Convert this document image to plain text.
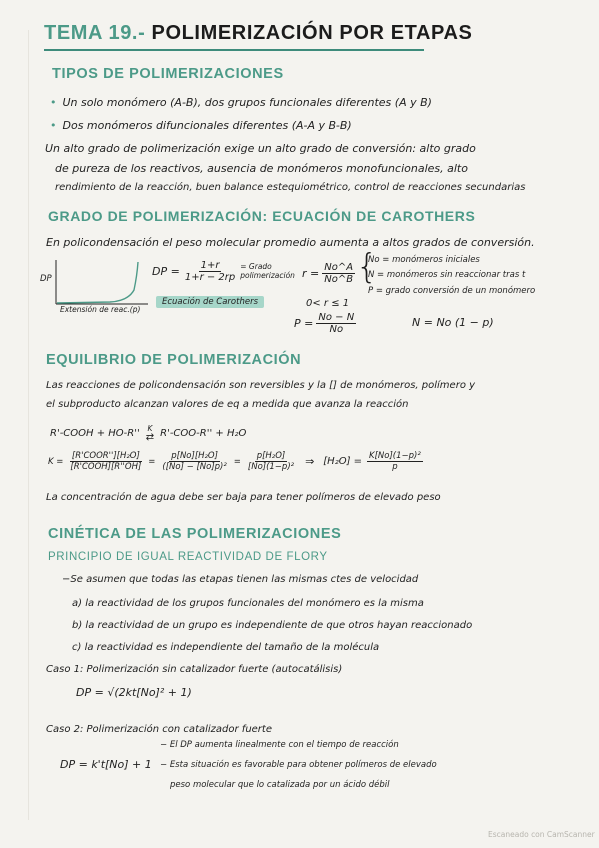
TEMA 19.- POLIMERIZACIÓN POR ETAPAS
TIPOS DE POLIMERIZACIONES
• Un solo monómero (A-B), dos grupos funcionales diferentes (A y B)
• Dos monómeros difuncionales diferentes (A-A y B-B)
Un alto grado de polimerización exige un alto grado de conversión: alto grado
de pureza de los reactivos, ausencia de monómeros monofuncionales, alto
rendimiento de la reacción, buen balance estequiométrico, control de reacciones secundarias
GRADO DE POLIMERIZACIÓN: ECUACIÓN DE CAROTHERS
En policondensación el peso molecular promedio aumenta a altos grados de conversión.
DP
Extensión de reac.(p)
DP = $\frac{1+r}{1+r - 2rp}$ = Grado
polimerización
Ecuación de Carothers
$r = \frac{No\^{}A}{No\^{}B}$
0< r ≤ 1
{
No = monómeros iniciales
N = monómeros sin reaccionar tras t
P = grado conversión de un monómero
$P = \frac{No - N}{No}$	N = No (1 − p)
EQUILIBRIO DE POLIMERIZACIÓN
Las reacciones de policondensación son reversibles y la [] de monómeros, polímero y
el subproducto alcanzan valores de eq a medida que avanza la reacción
R'-COOH + HO-R'' K
⇄ R'-COO-R'' + H₂O
$K = \frac{\text{[R'COOR''][H₂O]}}{\text{[R'COOH][R''OH]}} = \frac{\text{p[No][H₂O]}}{\text{([No] − [No]p)²}} = \frac{\text{p[H₂O]}}{\text{[No](1−p)²}}$ ⇒ $[H_2O] = \frac{\text{K[No](1−p)²}}{p}$
La concentración de agua debe ser baja para tener polímeros de elevado peso
CINÉTICA DE LAS POLIMERIZACIONES
PRINCIPIO DE IGUAL REACTIVIDAD DE FLORY
−Se asumen que todas las etapas tienen las mismas ctes de velocidad
a) la reactividad de los grupos funcionales del monómero es la misma
b) la reactividad de un grupo es independiente de que otros hayan reaccionado
c) la reactividad es independiente del tamaño de la molécula
Caso 1: Polimerización sin catalizador fuerte (autocatálisis)
DP = √(2kt[No]² + 1)
Caso 2: Polimerización con catalizador fuerte
DP = k't[No] + 1
− El DP aumenta linealmente con el tiempo de reacción
− Esta situación es favorable para obtener polímeros de elevado
peso molecular que lo catalizada por un ácido débil
Escaneado con CamScanner
